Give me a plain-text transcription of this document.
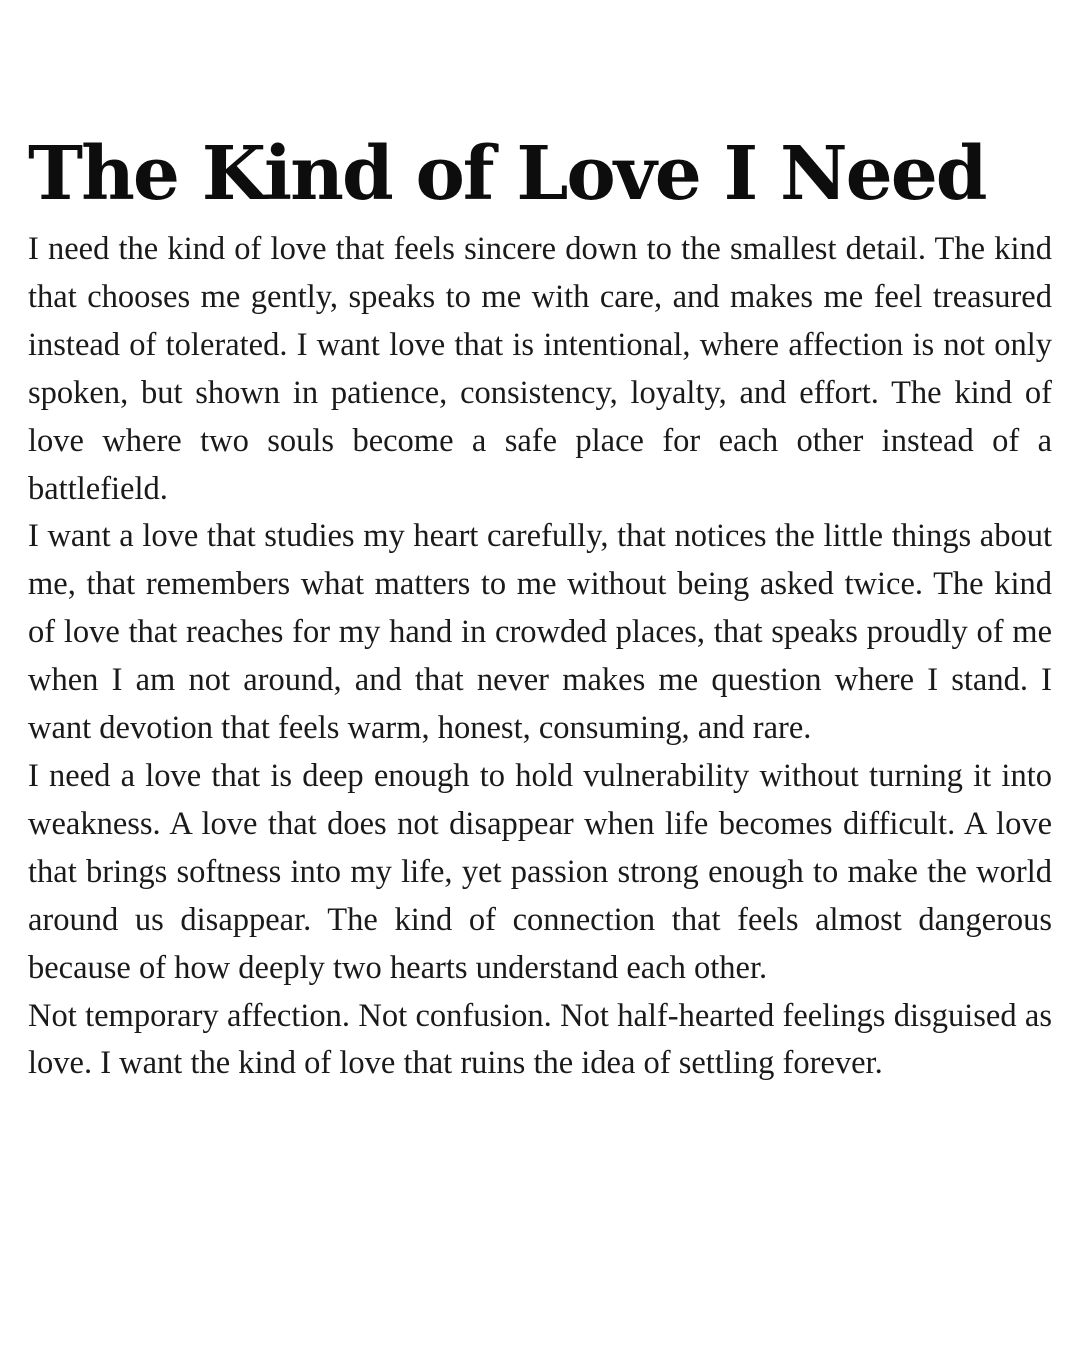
The Kind of Love I Need

I need the kind of love that feels sincere down to the smallest detail. The kind that chooses me gently, speaks to me with care, and makes me feel treasured instead of tolerated. I want love that is intentional, where affection is not only spoken, but shown in patience, consistency, loyalty, and effort. The kind of love where two souls become a safe place for each other instead of a battlefield.

I want a love that studies my heart carefully, that notices the little things about me, that remembers what matters to me without being asked twice. The kind of love that reaches for my hand in crowded places, that speaks proudly of me when I am not around, and that never makes me question where I stand. I want devotion that feels warm, honest, consuming, and rare.

I need a love that is deep enough to hold vulnerability without turning it into weakness. A love that does not disappear when life becomes difficult. A love that brings softness into my life, yet passion strong enough to make the world around us disappear. The kind of connection that feels almost dangerous because of how deeply two hearts understand each other.

Not temporary affection. Not confusion. Not half-hearted feelings disguised as love. I want the kind of love that ruins the idea of settling forever.
